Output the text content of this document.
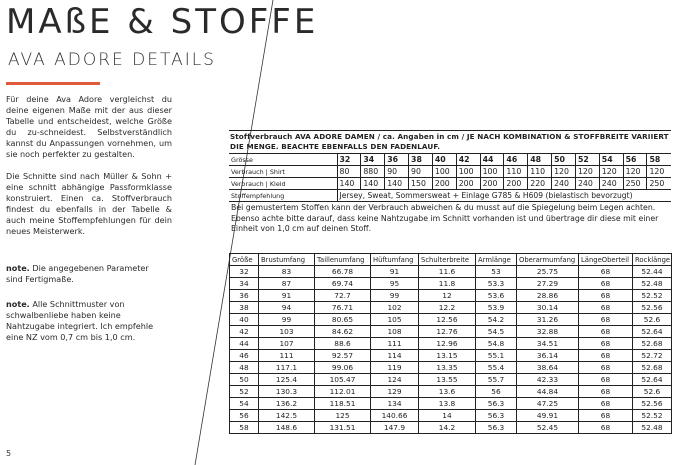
MAßE & STOFFE
AVA ADORE DETAILS

Für deine Ava Adore vergleichst du deine eigenen Maße mit der aus dieser Tabelle und entscheidest, welche Größe du zu-schneidest. Selbstverständlich kannst du Anpassungen vornehmen, um sie noch perfekter zu gestalten.

Die Schnitte sind nach Müller & Sohn + eine schnitt abhängige Passformklasse konstruiert. Einen ca. Stoffverbrauch findest du ebenfalls in der Tabelle & auch meine Stoffempfehlungen für dein neues Meisterwerk.

note. Die angegebenen Parameter sind Fertigmaße.
note. Alle Schnittmuster von schwalbenliebe haben keine Nahtzugabe integriert. Ich empfehle eine NZ vom 0,7 cm bis 1,0 cm.
5
Stoffverbrauch AVA ADORE DAMEN / ca. Angaben in cm / JE NACH KOMBINATION & STOFFBREITE VARIIERT DIE MENGE. BEACHTE EBENFALLS DEN FADENLAUF.
Grösse	32	34	36	38	40	42	44	46	48	50	52	54	56	58
Verbrauch | Shirt	80	880	90	90	100	100	100	110	110	120	120	120	120	120
Verbrauch | Kleid	140	140	140	150	200	200	200	200	220	240	240	240	250	250
Stoffempfehlung	Jersey, Sweat, Sommersweat + Einlage G785 & H609 (bielastisch bevorzugt)													
Bei gemustertem Stoffen kann der Verbrauch abweichen & du musst auf die Spiegelung beim Legen achten. Ebenso achte bitte darauf, dass keine Nahtzugabe im Schnitt vorhanden ist und übertrage dir diese mit einer Einheit von 1,0 cm auf deinen Stoff.
Größe	Brustumfang	Taillenumfang	Hüftumfang	Schulterbreite	Armlänge	Oberarmumfang	LängeOberteil	Rocklänge
32	83	66.78	91	11.6	53	25.75	68	52.44
34	87	69.74	95	11.8	53.3	27.29	68	52.48
36	91	72.7	99	12	53.6	28.86	68	52.52
38	94	76.71	102	12.2	53.9	30.14	68	52.56
40	99	80.65	105	12.56	54.2	31.26	68	52.6
42	103	84.62	108	12.76	54.5	32.88	68	52.64
44	107	88.6	111	12.96	54.8	34.51	68	52.68
46	111	92.57	114	13.15	55.1	36.14	68	52.72
48	117.1	99.06	119	13.35	55.4	38.64	68	52.68
50	125.4	105.47	124	13.55	55.7	42.33	68	52.64
52	130.3	112.01	129	13.6	56	44.84	68	52.6
54	136.2	118.51	134	13.8	56.3	47.25	68	52.56
56	142.5	125	140.66	14	56.3	49.91	68	52.52
58	148.6	131.51	147.9	14.2	56.3	52.45	68	52.48
